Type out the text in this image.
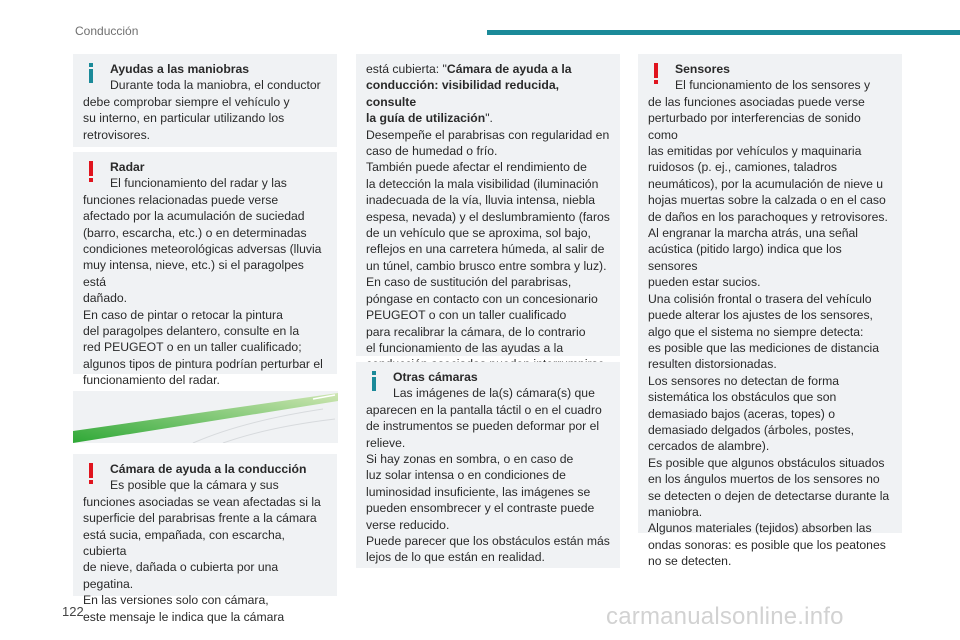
Conducción
Ayudas a las maniobras
Durante toda la maniobra, el conductor
debe comprobar siempre el vehículo y
su interno, en particular utilizando los
retrovisores.
Radar
El funcionamiento del radar y las
funciones relacionadas puede verse
afectado por la acumulación de suciedad
(barro, escarcha, etc.) o en determinadas
condiciones meteorológicas adversas (lluvia
muy intensa, nieve, etc.) si el paragolpes está
dañado.
En caso de pintar o retocar la pintura
del paragolpes delantero, consulte en la
red PEUGEOT o en un taller cualificado;
algunos tipos de pintura podrían perturbar el
funcionamiento del radar.
Cámara de ayuda a la conducción
Es posible que la cámara y sus
funciones asociadas se vean afectadas si la
superficie del parabrisas frente a la cámara
está sucia, empañada, con escarcha, cubierta
de nieve, dañada o cubierta por una pegatina.
En las versiones solo con cámara,
este mensaje le indica que la cámara
está cubierta: "Cámara de ayuda a la
conducción: visibilidad reducida, consulte
la guía de utilización".
Desempeñe el parabrisas con regularidad en
caso de humedad o frío.
También puede afectar el rendimiento de
la detección la mala visibilidad (iluminación
inadecuada de la vía, lluvia intensa, niebla
espesa, nevada) y el deslumbramiento (faros
de un vehículo que se aproxima, sol bajo,
reflejos en una carretera húmeda, al salir de
un túnel, cambio brusco entre sombra y luz).
En caso de sustitución del parabrisas,
póngase en contacto con un concesionario
PEUGEOT o con un taller cualificado
para recalibrar la cámara, de lo contrario
el funcionamiento de las ayudas a la

Otras cámaras
Las imágenes de la(s) cámara(s) que
aparecen en la pantalla táctil o en el cuadro
de instrumentos se pueden deformar por el
relieve.
Si hay zonas en sombra, o en caso de
luz solar intensa o en condiciones de
luminosidad insuficiente, las imágenes se
pueden ensombrecer y el contraste puede
verse reducido.
Puede parecer que los obstáculos están más
lejos de lo que están en realidad.
Sensores
El funcionamiento de los sensores y
de las funciones asociadas puede verse
perturbado por interferencias de sonido como
las emitidas por vehículos y maquinaria
ruidosos (p. ej., camiones, taladros
neumáticos), por la acumulación de nieve u
hojas muertas sobre la calzada o en el caso
de daños en los parachoques y retrovisores.
Al engranar la marcha atrás, una señal
acústica (pitido largo) indica que los sensores
pueden estar sucios.
Una colisión frontal o trasera del vehículo
puede alterar los ajustes de los sensores,
algo que el sistema no siempre detecta:
es posible que las mediciones de distancia
resulten distorsionadas.
Los sensores no detectan de forma
sistemática los obstáculos que son
demasiado bajos (aceras, topes) o
demasiado delgados (árboles, postes,
cercados de alambre).
Es posible que algunos obstáculos situados
en los ángulos muertos de los sensores no
se detecten o dejen de detectarse durante la
maniobra.
Algunos materiales (tejidos) absorben las
ondas sonoras: es posible que los peatones
no se detecten.
122	carmanualsonline.info
